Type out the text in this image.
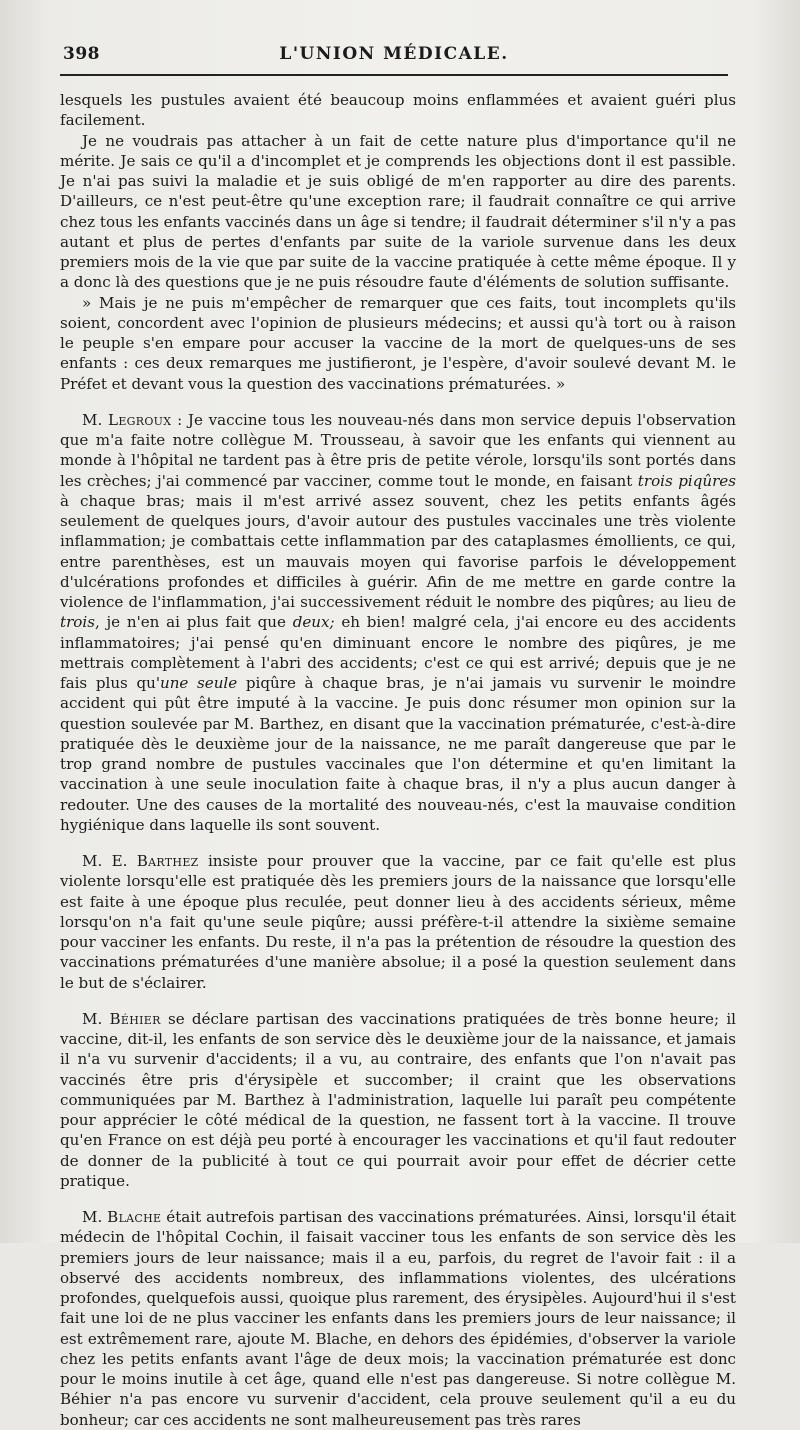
398	L'UNION MÉDICALE.

lesquels les pustules avaient été beaucoup moins enflammées et avaient guéri plus facilement.

Je ne voudrais pas attacher à un fait de cette nature plus d'importance qu'il ne mérite. Je sais ce qu'il a d'incomplet et je comprends les objections dont il est passible. Je n'ai pas suivi la maladie et je suis obligé de m'en rapporter au dire des parents. D'ailleurs, ce n'est peut-être qu'une exception rare; il faudrait connaître ce qui arrive chez tous les enfants vaccinés dans un âge si tendre; il faudrait déterminer s'il n'y a pas autant et plus de pertes d'enfants par suite de la variole survenue dans les deux premiers mois de la vie que par suite de la vaccine pratiquée à cette même époque. Il y a donc là des questions que je ne puis résoudre faute d'éléments de solution suffisante.

» Mais je ne puis m'empêcher de remarquer que ces faits, tout incomplets qu'ils soient, concordent avec l'opinion de plusieurs médecins; et aussi qu'à tort ou à raison le peuple s'en empare pour accuser la vaccine de la mort de quelques-uns de ses enfants : ces deux remarques me justifieront, je l'espère, d'avoir soulevé devant M. le Préfet et devant vous la question des vaccinations prématurées. »

M. Legroux : Je vaccine tous les nouveau-nés dans mon service depuis l'observation que m'a faite notre collègue M. Trousseau, à savoir que les enfants qui viennent au monde à l'hôpital ne tardent pas à être pris de petite vérole, lorsqu'ils sont portés dans les crèches; j'ai commencé par vacciner, comme tout le monde, en faisant trois piqûres à chaque bras; mais il m'est arrivé assez souvent, chez les petits enfants âgés seulement de quelques jours, d'avoir autour des pustules vaccinales une très violente inflammation; je combattais cette inflammation par des cataplasmes émollients, ce qui, entre parenthèses, est un mauvais moyen qui favorise parfois le développement d'ulcérations profondes et difficiles à guérir. Afin de me mettre en garde contre la violence de l'inflammation, j'ai successivement réduit le nombre des piqûres; au lieu de trois, je n'en ai plus fait que deux; eh bien! malgré cela, j'ai encore eu des accidents inflammatoires; j'ai pensé qu'en diminuant encore le nombre des piqûres, je me mettrais complètement à l'abri des accidents; c'est ce qui est arrivé; depuis que je ne fais plus qu'une seule piqûre à chaque bras, je n'ai jamais vu survenir le moindre accident qui pût être imputé à la vaccine. Je puis donc résumer mon opinion sur la question soulevée par M. Barthez, en disant que la vaccination prématurée, c'est-à-dire pratiquée dès le deuxième jour de la naissance, ne me paraît dangereuse que par le trop grand nombre de pustules vaccinales que l'on détermine et qu'en limitant la vaccination à une seule inoculation faite à chaque bras, il n'y a plus aucun danger à redouter. Une des causes de la mortalité des nouveau-nés, c'est la mauvaise condition hygiénique dans laquelle ils sont souvent.

M. E. Barthez insiste pour prouver que la vaccine, par ce fait qu'elle est plus violente lorsqu'elle est pratiquée dès les premiers jours de la naissance que lorsqu'elle est faite à une époque plus reculée, peut donner lieu à des accidents sérieux, même lorsqu'on n'a fait qu'une seule piqûre; aussi préfère-t-il attendre la sixième semaine pour vacciner les enfants. Du reste, il n'a pas la prétention de résoudre la question des vaccinations prématurées d'une manière absolue; il a posé la question seulement dans le but de s'éclairer.

M. Béhier se déclare partisan des vaccinations pratiquées de très bonne heure; il vaccine, dit-il, les enfants de son service dès le deuxième jour de la naissance, et jamais il n'a vu survenir d'accidents; il a vu, au contraire, des enfants que l'on n'avait pas vaccinés être pris d'érysipèle et succomber; il craint que les observations communiquées par M. Barthez à l'administration, laquelle lui paraît peu compétente pour apprécier le côté médical de la question, ne fassent tort à la vaccine. Il trouve qu'en France on est déjà peu porté à encourager les vaccinations et qu'il faut redouter de donner de la publicité à tout ce qui pourrait avoir pour effet de décrier cette pratique.

M. Blache était autrefois partisan des vaccinations prématurées. Ainsi, lorsqu'il était médecin de l'hôpital Cochin, il faisait vacciner tous les enfants de son service dès les premiers jours de leur naissance; mais il a eu, parfois, du regret de l'avoir fait : il a observé des accidents nombreux, des inflammations violentes, des ulcérations profondes, quelquefois aussi, quoique plus rarement, des érysipèles. Aujourd'hui il s'est fait une loi de ne plus vacciner les enfants dans les premiers jours de leur naissance; il est extrêmement rare, ajoute M. Blache, en dehors des épidémies, d'observer la variole chez les petits enfants avant l'âge de deux mois; la vaccination prématurée est donc pour le moins inutile à cet âge, quand elle n'est pas dangereuse. Si notre collègue M. Béhier n'a pas encore vu survenir d'accident, cela prouve seulement qu'il a eu du bonheur; car ces accidents ne sont malheureusement pas très rares
